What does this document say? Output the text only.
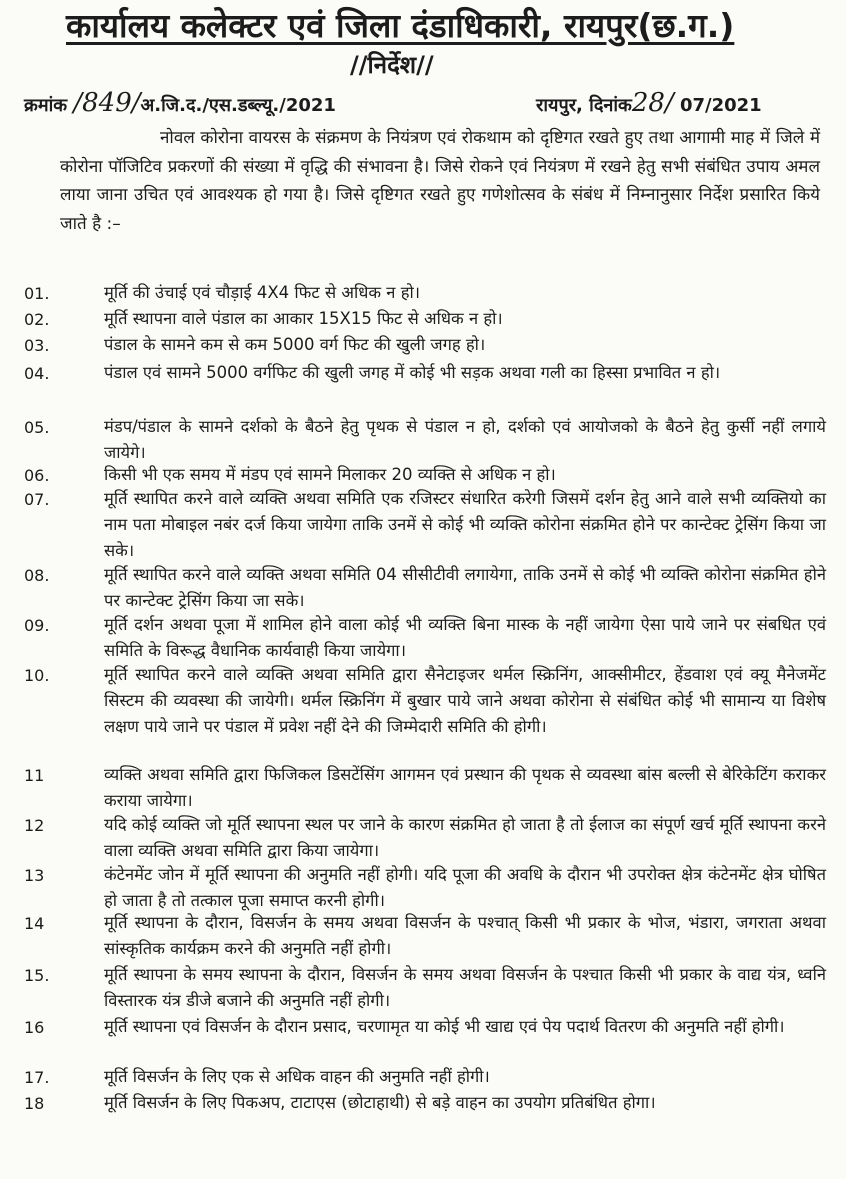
कार्यालय कलेक्टर एवं जिला दंडाधिकारी, रायपुर(छ.ग.)
//निर्देश//
क्रमांक /849/अ.जि.द./एस.डब्ल्यू./2021	रायपुर, दिनांक28/ 07/2021
नोवल कोरोना वायरस के संक्रमण के नियंत्रण एवं रोकथाम को दृष्टिगत रखते हुए तथा आगामी माह में जिले में कोरोना पॉजिटिव प्रकरणों की संख्या में वृद्धि की संभावना है। जिसे रोकने एवं नियंत्रण में रखने हेतु सभी संबंधित उपाय अमल लाया जाना उचित एवं आवश्यक हो गया है। जिसे दृष्टिगत रखते हुए गणेशोत्सव के संबंध में निम्नानुसार निर्देश प्रसारित किये जाते है :–
01.	मूर्ति की उंचाई एवं चौड़ाई 4X4 फिट से अधिक न हो।
02.	मूर्ति स्थापना वाले पंडाल का आकार 15X15 फिट से अधिक न हो।
03.	पंडाल के सामने कम से कम 5000 वर्ग फिट की खुली जगह हो।
04.	पंडाल एवं सामने 5000 वर्गफिट की खुली जगह में कोई भी सड़क अथवा गली का हिस्सा प्रभावित न हो।
05.	मंडप/पंडाल के सामने दर्शको के बैठने हेतु पृथक से पंडाल न हो, दर्शको एवं आयोजको के बैठने हेतु कुर्सी नहीं लगाये जायेगे।
06.	किसी भी एक समय में मंडप एवं सामने मिलाकर 20 व्यक्ति से अधिक न हो।
07.	मूर्ति स्थापित करने वाले व्यक्ति अथवा समिति एक रजिस्टर संधारित करेगी जिसमें दर्शन हेतु आने वाले सभी व्यक्तियो का नाम पता मोबाइल नबंर दर्ज किया जायेगा ताकि उनमें से कोई भी व्यक्ति कोरोना संक्रमित होने पर कान्टेक्ट ट्रेसिंग किया जा सके।
08.	मूर्ति स्थापित करने वाले व्यक्ति अथवा समिति 04 सीसीटीवी लगायेगा, ताकि उनमें से कोई भी व्यक्ति कोरोना संक्रमित होने पर कान्टेक्ट ट्रेसिंग किया जा सके।
09.	मूर्ति दर्शन अथवा पूजा में शामिल होने वाला कोई भी व्यक्ति बिना मास्क के नहीं जायेगा ऐसा पाये जाने पर संबधित एवं समिति के विरूद्ध वैधानिक कार्यवाही किया जायेगा।
10.	मूर्ति स्थापित करने वाले व्यक्ति अथवा समिति द्वारा सैनेटाइजर थर्मल स्क्रिनिंग, आक्सीमीटर, हेंडवाश एवं क्यू मैनेजमेंट सिस्टम की व्यवस्था की जायेगी। थर्मल स्क्रिनिंग में बुखार पाये जाने अथवा कोरोना से संबंधित कोई भी सामान्य या विशेष लक्षण पाये जाने पर पंडाल में प्रवेश नहीं देने की जिम्मेदारी समिति की होगी।
11	व्यक्ति अथवा समिति द्वारा फिजिकल डिसटेंसिंग आगमन एवं प्रस्थान की पृथक से व्यवस्था बांस बल्ली से बेरिकेटिंग कराकर कराया जायेगा।
12	यदि कोई व्यक्ति जो मूर्ति स्थापना स्थल पर जाने के कारण संक्रमित हो जाता है तो ईलाज का संपूर्ण खर्च मूर्ति स्थापना करने वाला व्यक्ति अथवा समिति द्वारा किया जायेगा।
13	कंटेनमेंट जोन में मूर्ति स्थापना की अनुमति नहीं होगी। यदि पूजा की अवधि के दौरान भी उपरोक्त क्षेत्र कंटेनमेंट क्षेत्र घोषित हो जाता है तो तत्काल पूजा समाप्त करनी होगी।
14	मूर्ति स्थापना के दौरान, विसर्जन के समय अथवा विसर्जन के पश्चात् किसी भी प्रकार के भोज, भंडारा, जगराता अथवा सांस्कृतिक कार्यक्रम करने की अनुमति नहीं होगी।
15.	मूर्ति स्थापना के समय स्थापना के दौरान, विसर्जन के समय अथवा विसर्जन के पश्चात किसी भी प्रकार के वाद्य यंत्र, ध्वनि विस्तारक यंत्र डीजे बजाने की अनुमति नहीं होगी।
16	मूर्ति स्थापना एवं विसर्जन के दौरान प्रसाद, चरणामृत या कोई भी खाद्य एवं पेय पदार्थ वितरण की अनुमति नहीं होगी।
17.	मूर्ति विसर्जन के लिए एक से अधिक वाहन की अनुमति नहीं होगी।
18	मूर्ति विसर्जन के लिए पिकअप, टाटाएस (छोटाहाथी) से बड़े वाहन का उपयोग प्रतिबंधित होगा।
